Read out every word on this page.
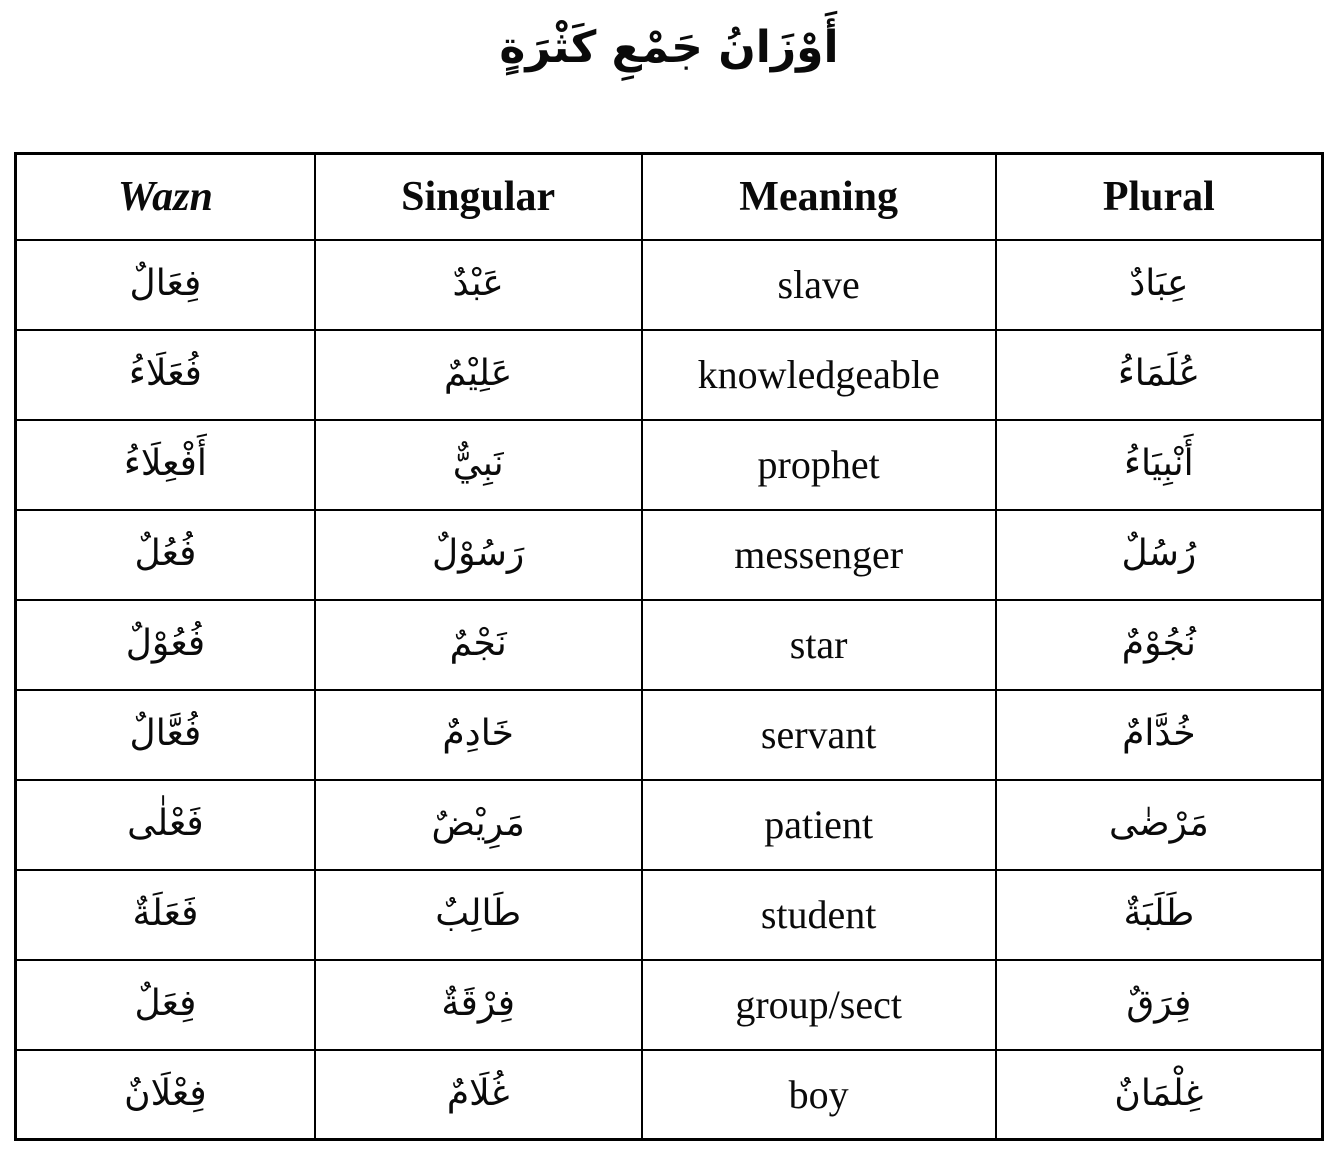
أَوْزَانُ جَمْعِ كَثْرَةٍ
Wazn	Singular	Meaning	Plural
فِعَالٌ	عَبْدٌ	slave	عِبَادٌ
فُعَلَاءُ	عَلِيْمٌ	knowledgeable	عُلَمَاءُ
أَفْعِلَاءُ	نَبِيٌّ	prophet	أَنْبِيَاءُ
فُعُلٌ	رَسُوْلٌ	messenger	رُسُلٌ
فُعُوْلٌ	نَجْمٌ	star	نُجُوْمٌ
فُعَّالٌ	خَادِمٌ	servant	خُدَّامٌ
فَعْلٰى	مَرِيْضٌ	patient	مَرْضٰى
فَعَلَةٌ	طَالِبٌ	student	طَلَبَةٌ
فِعَلٌ	فِرْقَةٌ	group/sect	فِرَقٌ
فِعْلَانٌ	غُلَامٌ	boy	غِلْمَانٌ
